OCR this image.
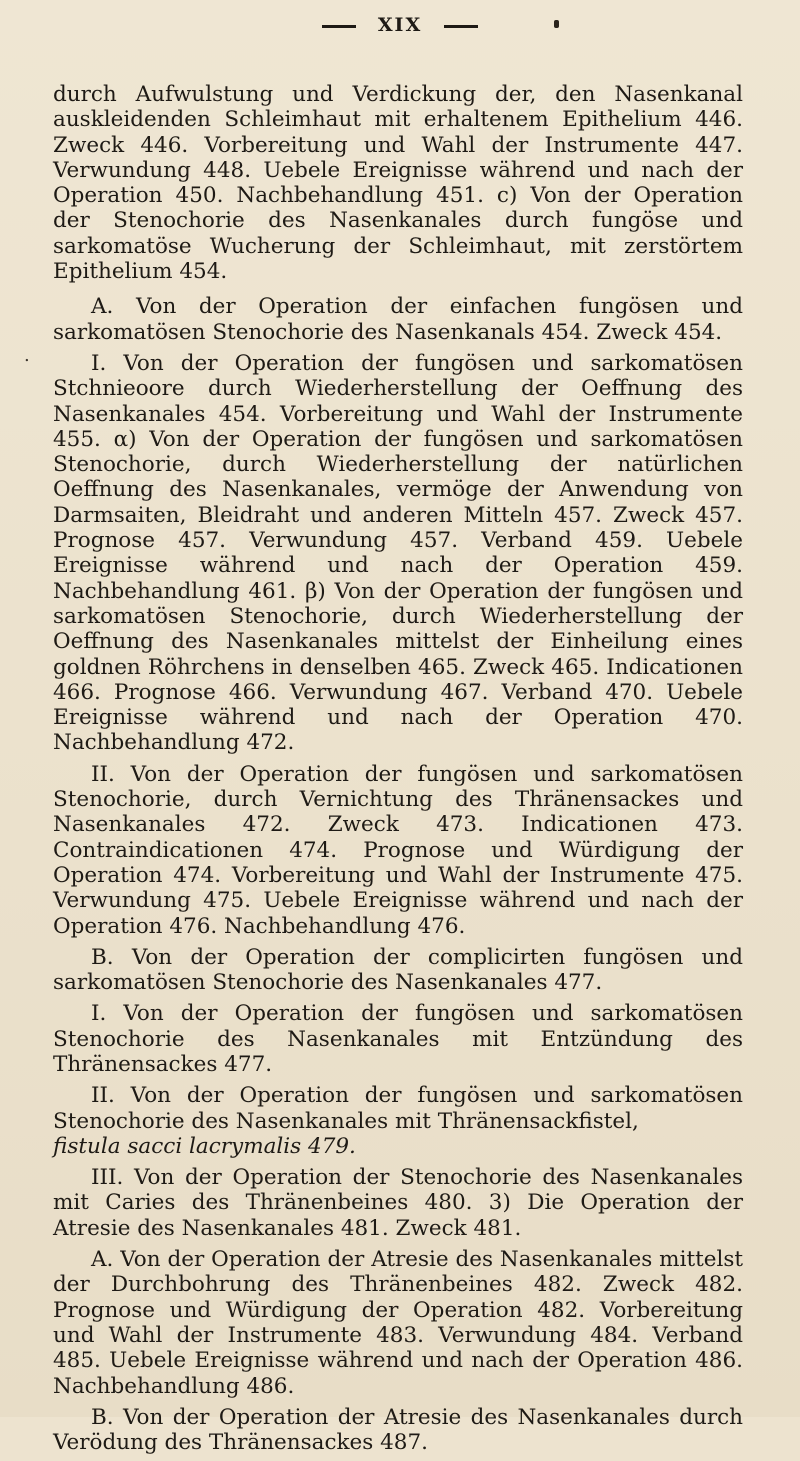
XIX
.

durch Aufwulstung und Verdickung der, den Nasenkanal auskleidenden Schleimhaut mit erhaltenem Epithelium 446. Zweck 446. Vorbereitung und Wahl der Instrumente 447. Verwundung 448. Uebele Ereignisse während und nach der Operation 450. Nachbehandlung 451. c) Von der Operation der Stenochorie des Nasenkanales durch fungöse und sarkomatöse Wucherung der Schleimhaut, mit zerstörtem Epithelium 454.

A. Von der Operation der einfachen fungösen und sarkomatösen Stenochorie des Nasenkanals 454. Zweck 454.

I. Von der Operation der fungösen und sarkomatösen Stchnieoore durch Wiederherstellung der Oeffnung des Nasenkanales 454. Vorbereitung und Wahl der Instrumente 455. α) Von der Operation der fungösen und sarkomatösen Stenochorie, durch Wiederherstellung der natürlichen Oeffnung des Nasenkanales, vermöge der Anwendung von Darmsaiten, Bleidraht und anderen Mitteln 457. Zweck 457. Prognose 457. Verwundung 457. Verband 459. Uebele Ereignisse während und nach der Operation 459. Nachbehandlung 461. β) Von der Operation der fungösen und sarkomatösen Stenochorie, durch Wiederherstellung der Oeffnung des Nasenkanales mittelst der Einheilung eines goldnen Röhrchens in denselben 465. Zweck 465. Indicationen 466. Prognose 466. Verwundung 467. Verband 470. Uebele Ereignisse während und nach der Operation 470. Nachbehandlung 472.

II. Von der Operation der fungösen und sarkomatösen Stenochorie, durch Vernichtung des Thränensackes und Nasenkanales 472. Zweck 473. Indicationen 473. Contraindicationen 474. Prognose und Würdigung der Operation 474. Vorbereitung und Wahl der Instrumente 475. Verwundung 475. Uebele Ereignisse während und nach der Operation 476. Nachbehandlung 476.

B. Von der Operation der complicirten fungösen und sarkomatösen Stenochorie des Nasenkanales 477.

I. Von der Operation der fungösen und sarkomatösen Stenochorie des Nasenkanales mit Entzündung des Thränensackes 477.

II. Von der Operation der fungösen und sarkomatösen Stenochorie des Nasenkanales mit Thränensackfistel,

fistula sacci lacrymalis 479.

III. Von der Operation der Stenochorie des Nasenkanales mit Caries des Thränenbeines 480. 3) Die Operation der Atresie des Nasenkanales 481. Zweck 481.

A. Von der Operation der Atresie des Nasenkanales mittelst der Durchbohrung des Thränenbeines 482. Zweck 482. Prognose und Würdigung der Operation 482. Vorbereitung und Wahl der Instrumente 483. Verwundung 484. Verband 485. Uebele Ereignisse während und nach der Operation 486. Nachbehandlung 486.

B. Von der Operation der Atresie des Nasenkanales durch Verödung des Thränensackes 487.
